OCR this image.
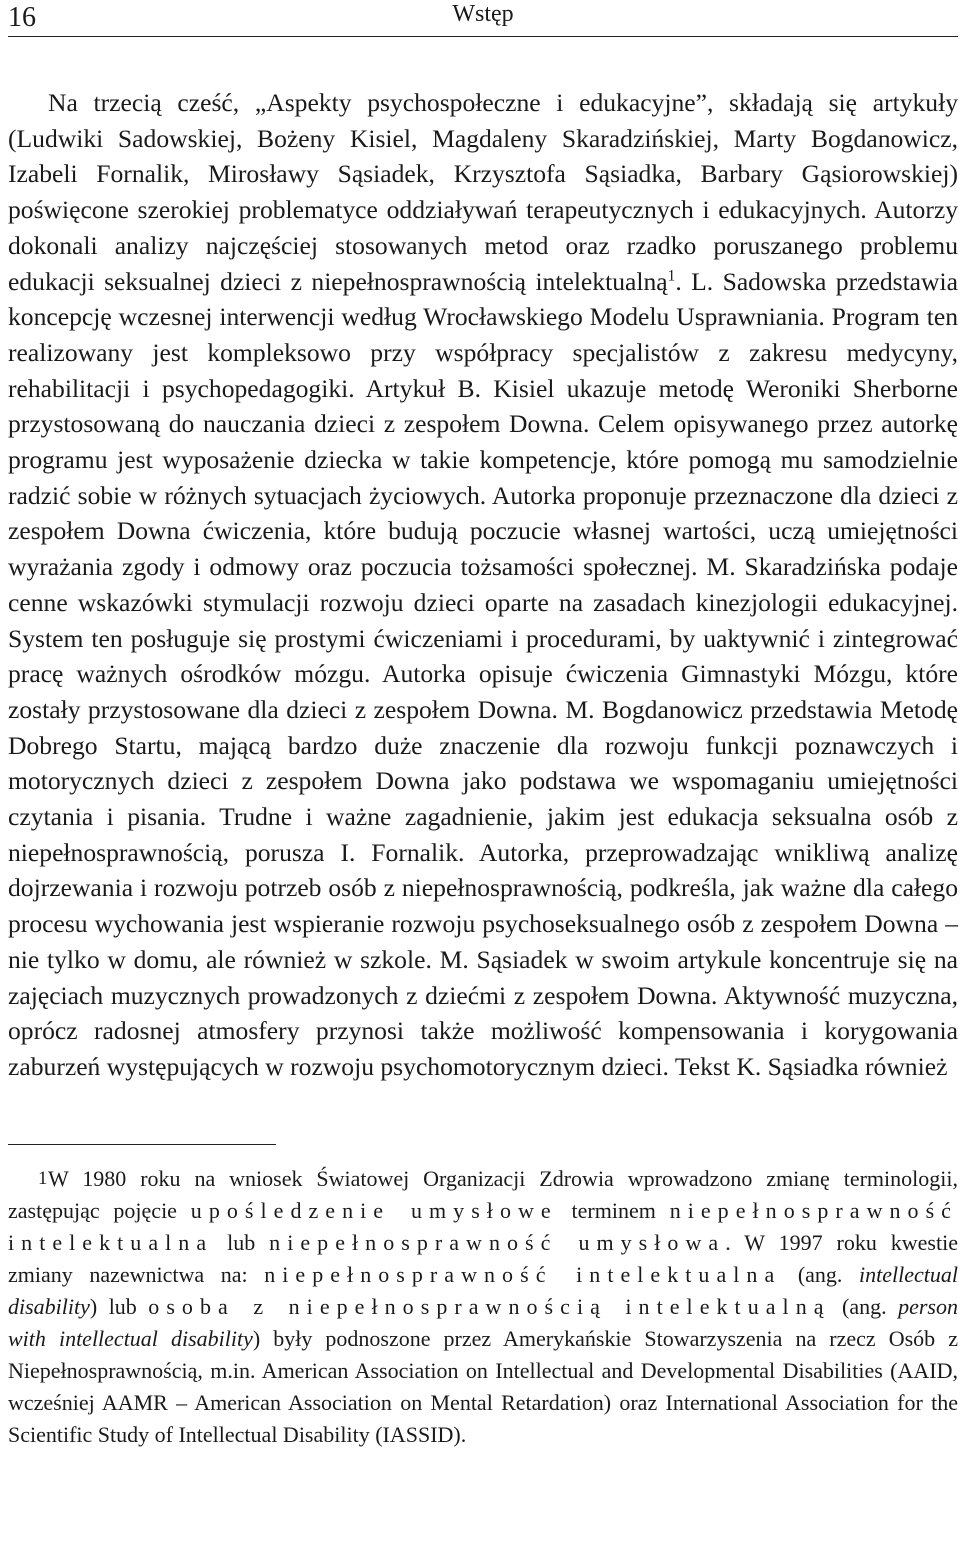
16	Wstęp

Na trzecią cześć, „Aspekty psychospołeczne i edukacyjne”, składają się artykuły (Ludwiki Sadowskiej, Bożeny Kisiel, Magdaleny Skaradzińskiej, Marty Bogdanowicz, Izabeli Fornalik, Mirosławy Sąsiadek, Krzysztofa Sąsiadka, Barbary Gąsiorowskiej) poświęcone szerokiej problematyce oddziaływań terapeutycznych i edukacyjnych. Autorzy dokonali analizy najczęściej stosowanych metod oraz rzadko poruszanego problemu edukacji seksualnej dzieci z niepełnosprawnością intelektualną$^1$. L. Sadowska przedstawia koncepcję wczesnej interwencji według Wrocławskiego Modelu Usprawniania. Program ten realizowany jest kompleksowo przy współpracy specjalistów z zakresu medycyny, rehabilitacji i psychopedagogiki. Artykuł B. Kisiel ukazuje metodę Weroniki Sherborne przystosowaną do nauczania dzieci z zespołem Downa. Celem opisywanego przez autorkę programu jest wyposażenie dziecka w takie kompetencje, które pomogą mu samodzielnie radzić sobie w różnych sytuacjach życiowych. Autorka proponuje przeznaczone dla dzieci z zespołem Downa ćwiczenia, które budują poczucie własnej wartości, uczą umiejętności wyrażania zgody i odmowy oraz poczucia tożsamości społecznej. M. Skaradzińska podaje cenne wskazówki stymulacji rozwoju dzieci oparte na zasadach kinezjologii edukacyjnej. System ten posługuje się prostymi ćwiczeniami i procedurami, by uaktywnić i zintegrować pracę ważnych ośrodków mózgu. Autorka opisuje ćwiczenia Gimnastyki Mózgu, które zostały przystosowane dla dzieci z zespołem Downa. M. Bogdanowicz przedstawia Metodę Dobrego Startu, mającą bardzo duże znaczenie dla rozwoju funkcji poznawczych i motorycznych dzieci z zespołem Downa jako podstawa we wspomaganiu umiejętności czytania i pisania. Trudne i ważne zagadnienie, jakim jest edukacja seksualna osób z niepełnosprawnością, porusza I. Fornalik. Autorka, przeprowadzając wnikliwą analizę dojrzewania i rozwoju potrzeb osób z niepełnosprawnością, podkreśla, jak ważne dla całego procesu wychowania jest wspieranie rozwoju psychoseksualnego osób z zespołem Downa – nie tylko w domu, ale również w szkole. M. Sąsiadek w swoim artykule koncentruje się na zajęciach muzycznych prowadzonych z dziećmi z zespołem Downa. Aktywność muzyczna, oprócz radosnej atmosfery przynosi także możliwość kompensowania i korygowania zaburzeń występujących w rozwoju psychomotorycznym dzieci. Tekst K. Sąsiadka również

1W 1980 roku na wniosek Światowej Organizacji Zdrowia wprowadzono zmianę terminologii, zastępując pojęcie upośledzenie umysłowe terminem niepełnosprawność intelektualna lub niepełnosprawność umysłowa. W 1997 roku kwestie zmiany nazewnictwa na: niepełnosprawność intelektualna (ang. intellectual disability) lub osoba z niepełnosprawnością intelektualną (ang. person with intellectual disability) były podnoszone przez Amerykańskie Stowarzyszenia na rzecz Osób z Niepełnosprawnością, m.in. American Association on Intellectual and Developmental Disabilities (AAID, wcześniej AAMR – American Association on Mental Retardation) oraz International Association for the Scientific Study of Intellectual Disability (IASSID).
